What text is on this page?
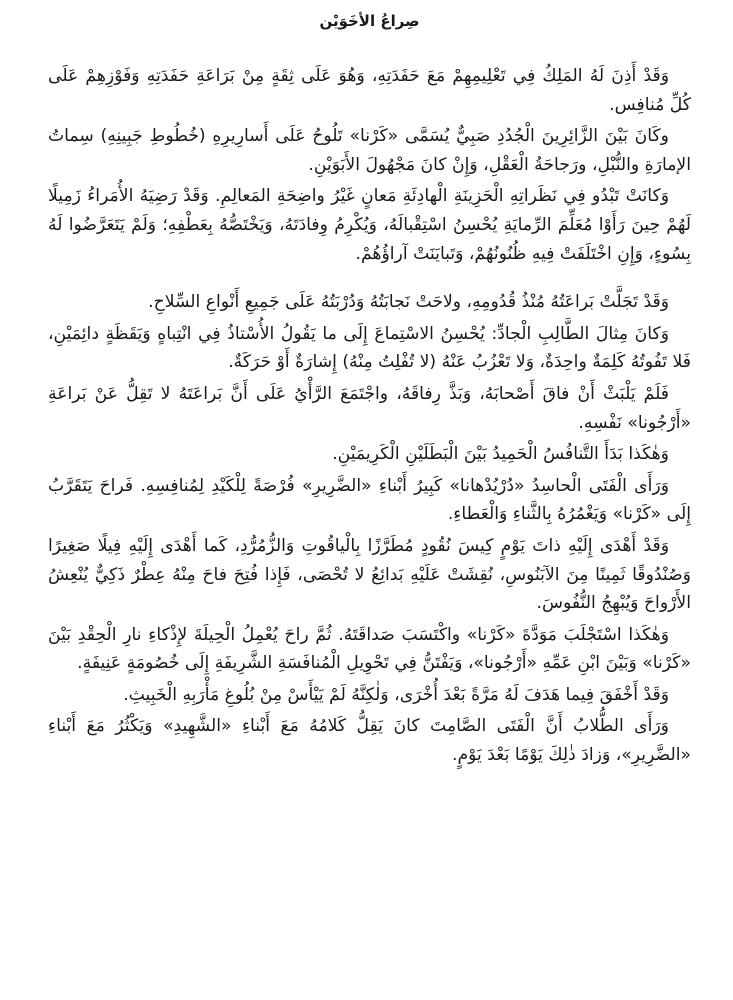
صِراعُ الأخَوَيْن

وَقَدْ أَذِنَ لَهُ المَلِكُ فِي تَعْلِيمِهِمْ مَعَ حَفَدَتِهِ، وَهُوَ عَلَى ثِقَةٍ مِنْ بَرَاعَةِ حَفَدَتِهِ وَفَوْزِهِمْ عَلَى كُلِّ مُنافِس.

وكَانَ بَيْنَ الزَّائِرِينَ الْجُدُدِ صَبِيٌّ يُسَمَّى «كَرْنا» تَلُوحُ عَلَى أَسارِيرِهِ (خُطُوطِ جَبِينِهِ) سِماتُ الإمارَةِ والنُّبْلِ، ورَجاحَةُ الْعَقْلِ، وَإِنْ كانَ مَجْهُولَ الأَبَوَيْنِ.

وَكانَتْ تَبْدُو فِي نَظَراتِهِ الْحَزِينَةِ الْهادِئَةِ مَعانٍ غَيْرُ واضِحَةِ المَعالِمِ. وَقَدْ رَضِيَهُ الأُمَراءُ زَمِيلًا لَهُمْ حِينَ رَأَوْا مُعَلِّمَ الرِّمايَةِ يُحْسِنُ اسْتِقْبالَهُ، وَيُكْرِمُ وِفادَتَهُ، وَيَخْتَصُّهُ بِعَطْفِهِ؛ وَلَمْ يَتَعَرَّضُوا لَهُ بِسُوءٍ، وَإِنِ اخْتَلَفَتْ فِيهِ ظُنُونُهُمْ، وَتَبايَنَتْ آراؤُهُمْ.

وَقَدْ تَجَلَّتْ بَراعَتُهُ مُنْذُ قُدُومِهِ، ولاحَتْ نَجابَتُهُ وَدُرْبَتُهُ عَلَى جَمِيعِ أَنْواعِ السِّلاحِ.

وَكانَ مِثالَ الطَّالِبِ الْجادِّ: يُحْسِنُ الاسْتِماعَ إِلَى ما يَقُولُ الأُسْتاذُ فِي انْتِباهٍ وَيَقَظَةٍ دائِمَيْنِ، فَلا تَفُوتُهُ كَلِمَةٌ واحِدَةٌ، وَلا تَعْزُبُ عَنْهُ (لا تُفْلِتُ مِنْهُ) إِشارَةٌ أَوْ حَرَكَةٌ.

فَلَمْ يَلْبَثْ أَنْ فاقَ أَصْحابَهُ، وَبَذَّ رِفاقَهُ، واجْتَمَعَ الرَّأْيُ عَلَى أَنَّ بَراعَتَهُ لا تَقِلُّ عَنْ بَراعَةِ «أَرْجُونا» نَفْسِهِ.

وَهٰكَذا بَدَأَ التَّنافُسُ الْحَمِيدُ بَيْنَ الْبَطَلَيْنِ الْكَرِيمَيْنِ.

وَرَأَى الْفَتَى الْحاسِدُ «دُرْيُدْهانا» كَبِيرُ أَبْناءِ «الضَّرِيرِ» فُرْصَةً لِلْكَيْدِ لِمُنافِسِهِ. فَراحَ يَتَقَرَّبُ إِلَى «كَرْنا» وَيَغْمُرُهُ بِالثَّناءِ وَالْعَطاءِ.

وَقَدْ أَهْدَى إِلَيْهِ ذاتَ يَوْمٍ كِيسَ نُقُودٍ مُطَرَّزًا بِالْياقُوتِ وَالزُّمُرُّدِ، كَما أَهْدَى إِلَيْهِ فِيلًا صَغِيرًا وَصُنْدُوقًا ثَمِينًا مِنَ الآبَنُوسِ، نُقِشَتْ عَلَيْهِ بَدائِعُ لا تُحْصَى، فَإِذا فُتِحَ فاحَ مِنْهُ عِطْرٌ ذَكِيٌّ يُنْعِشُ الأَرْواحَ وَيُبْهِجُ النُّفُوسَ.

وَهٰكَذا اسْتَجْلَبَ مَوَدَّةَ «كَرْنا» واكْتَسَبَ صَداقَتَهُ. ثُمَّ راحَ يُعْمِلُ الْحِيلَةَ لإِذْكاءِ نارِ الْحِقْدِ بَيْنَ «كَرْنا» وَبَيْنَ ابْنِ عَمِّهِ «أَرْجُونا»، وَيَفْتَنُّ فِي تَحْوِيلِ الْمُنافَسَةِ الشَّرِيفَةِ إِلَى خُصُومَةٍ عَنِيفَةٍ.

وَقَدْ أَخْفَقَ فِيما هَدَفَ لَهُ مَرَّةً بَعْدَ أُخْرَى، وَلٰكِنَّهُ لَمْ يَيْأَسْ مِنْ بُلُوغِ مَأْرَبِهِ الْخَبِيثِ.

وَرَأَى الطُّلابُ أَنَّ الْفَتَى الصَّامِتَ كانَ يَقِلُّ كَلامُهُ مَعَ أَبْناءِ «الشَّهِيدِ» وَيَكْثُرُ مَعَ أَبْناءِ «الضَّرِيرِ»، وَزادَ ذٰلِكَ يَوْمًا بَعْدَ يَوْمٍ.
